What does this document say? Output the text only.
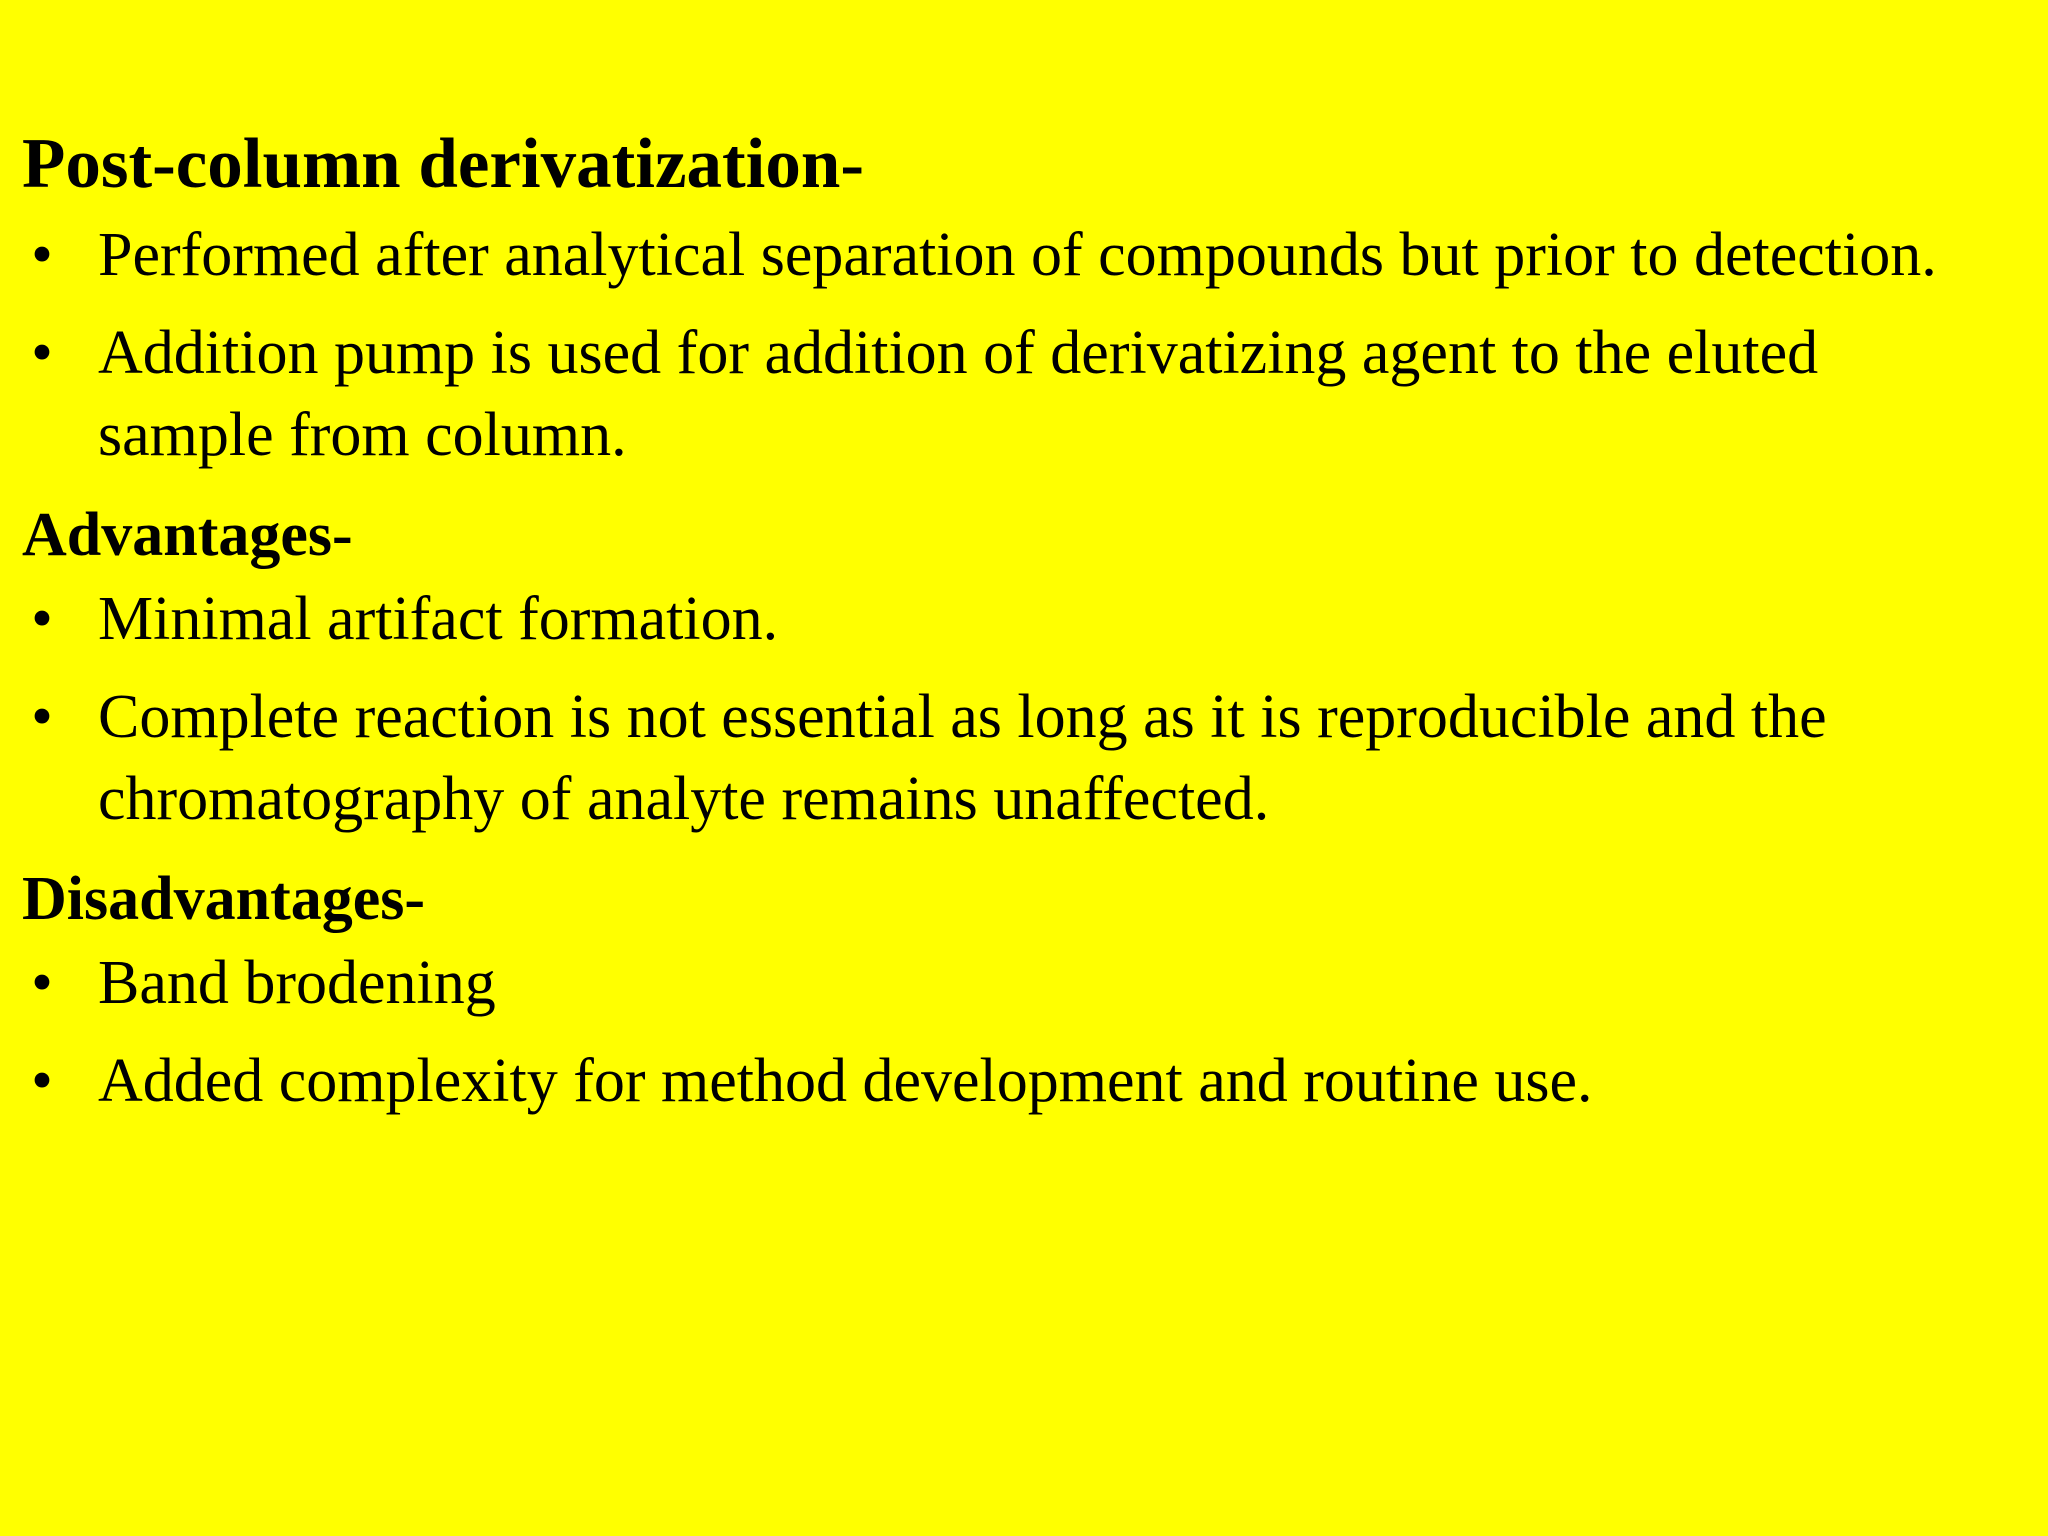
Post-column derivatization-
• Performed after analytical separation of compounds but prior to detection.
• Addition pump is used for addition of derivatizing agent to the eluted sample from column.
Advantages-
• Minimal artifact formation.
• Complete reaction is not essential as long as it is reproducible and the chromatography of analyte remains unaffected.
Disadvantages-
• Band brodening
• Added complexity for method development and routine use.
